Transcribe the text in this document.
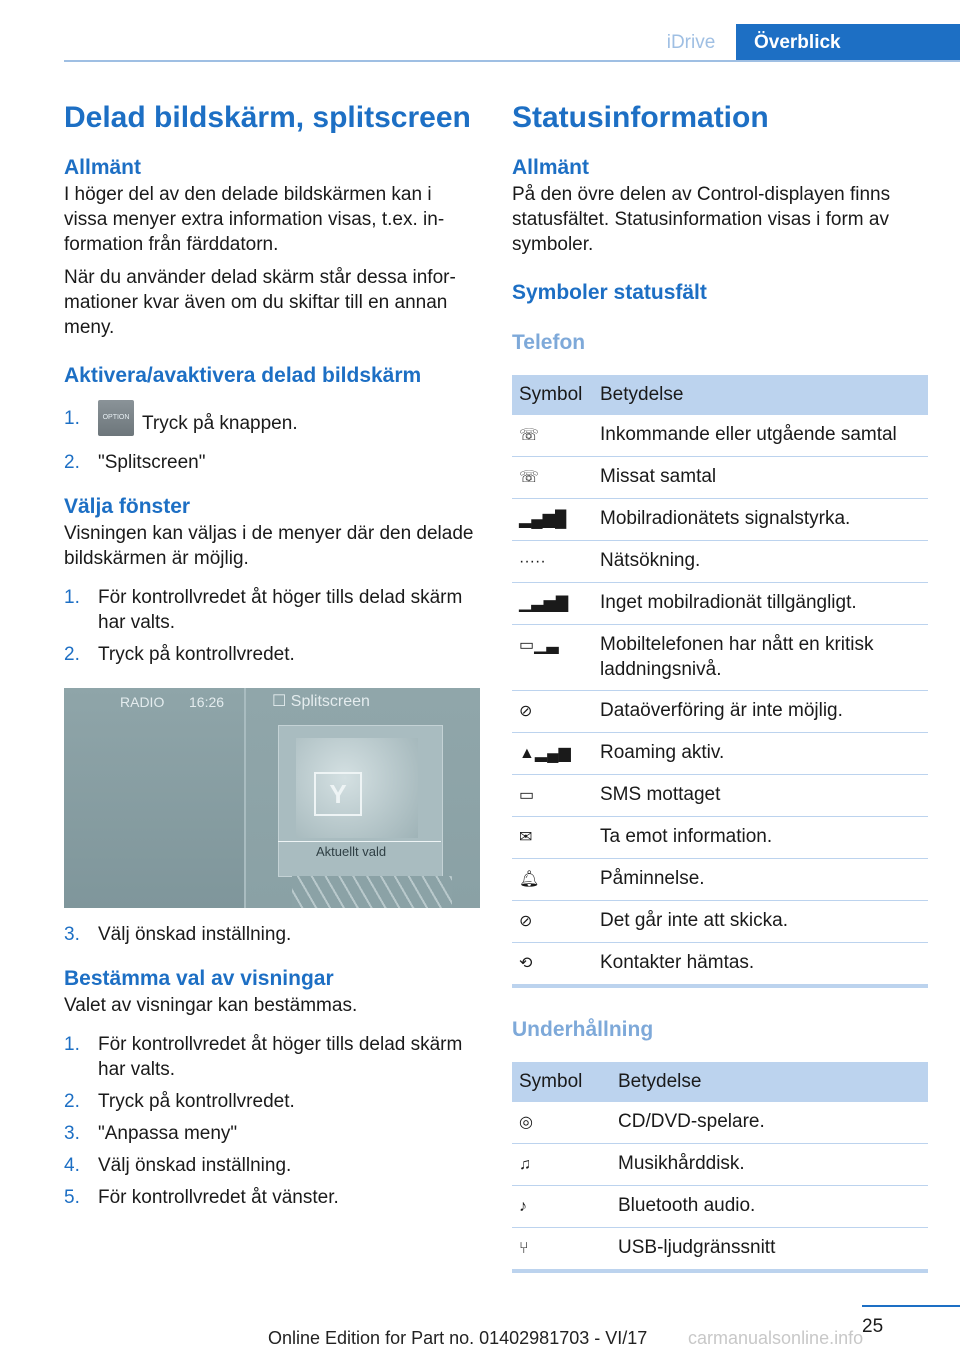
iDrive	Överblick
Delad bildskärm, splitscreen
Allmänt

I höger del av den delade bildskärmen kan i vissa menyer extra information visas, t.ex. information från färddatorn.

När du använder delad skärm står dessa informationer kvar även om du skiftar till en annan meny.

Aktivera/avaktivera delad bildskärm
1.	OPTION Tryck på knappen.
2. "Splitscreen"
Välja fönster

Visningen kan väljas i de menyer där den delade bildskärmen är möjlig.

1. För kontrollvredet åt höger tills delad skärm har valts.
2. Tryck på kontrollvredet.
RADIO 16:26	☐ Splitscreen
Y
Aktuellt vald
3. Välj önskad inställning.
Bestämma val av visningar

Valet av visningar kan bestämmas.

1. För kontrollvredet åt höger tills delad skärm har valts.
2. Tryck på kontrollvredet.
3. "Anpassa meny"
4. Välj önskad inställning.
5. För kontrollvredet åt vänster.
Statusinformation
Allmänt

På den övre delen av Control-displayen finns statusfältet. Statusinformation visas i form av symboler.

Symboler statusfält
Telefon
Symbol	Betydelse
☏	Inkommande eller utgående samtal
☏	Missat samtal
▂▄▆█	Mobilradionätets signalstyrka.
·····	Nätsökning.
▁▃▅▇	Inget mobilradionät tillgängligt.
▭▁▃	Mobiltelefonen har nått en kritisk laddningsnivå.
⊘	Dataöverföring är inte möjlig.
▲▂▄▆	Roaming aktiv.
▭	SMS mottaget
✉	Ta emot information.
🔔︎	Påminnelse.
⊘	Det går inte att skicka.
⟲	Kontakter hämtas.
Underhållning
Symbol	Betydelse
◎	CD/DVD-spelare.
♫	Musikhårddisk.
♪	Bluetooth audio.
⑂	USB-ljudgränssnitt
25
Online Edition for Part no. 01402981703 - VI/17 carmanualsonline.info
